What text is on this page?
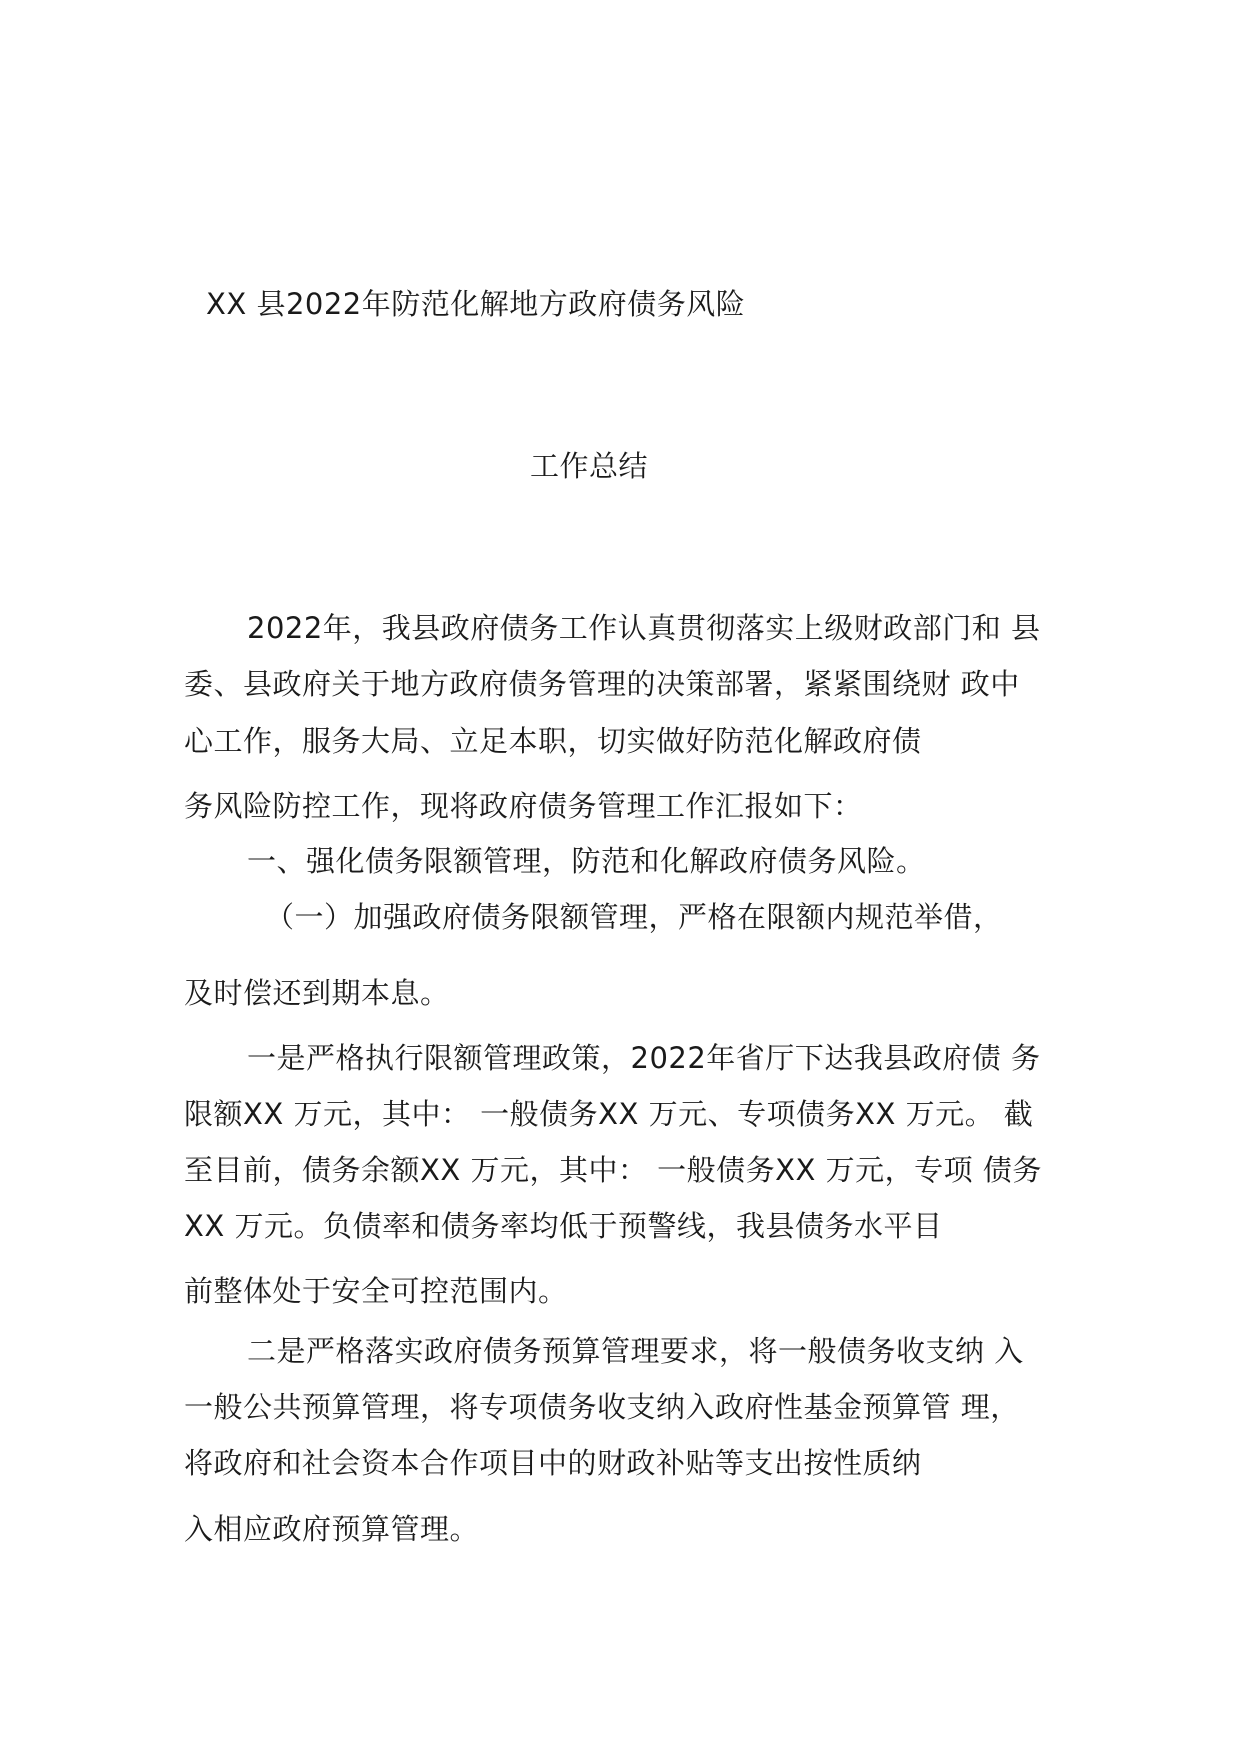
XX 县2022年防范化解地方政府债务风险
工作总结
2022年，我县政府债务工作认真贯彻落实上级财政部门和 县
委、县政府关于地方政府债务管理的决策部署，紧紧围绕财 政中
心工作，服务大局、立足本职，切实做好防范化解政府债
务风险防控工作，现将政府债务管理工作汇报如下：
一、强化债务限额管理，防范和化解政府债务风险。
（一）加强政府债务限额管理，严格在限额内规范举借，
及时偿还到期本息。
一是严格执行限额管理政策，2022年省厅下达我县政府债 务
限额XX 万元，其中： 一般债务XX 万元、专项债务XX 万元。 截
至目前，债务余额XX 万元，其中： 一般债务XX 万元，专项 债务
XX 万元。负债率和债务率均低于预警线，我县债务水平目
前整体处于安全可控范围内。
二是严格落实政府债务预算管理要求，将一般债务收支纳 入
一般公共预算管理，将专项债务收支纳入政府性基金预算管 理，
将政府和社会资本合作项目中的财政补贴等支出按性质纳
入相应政府预算管理。
